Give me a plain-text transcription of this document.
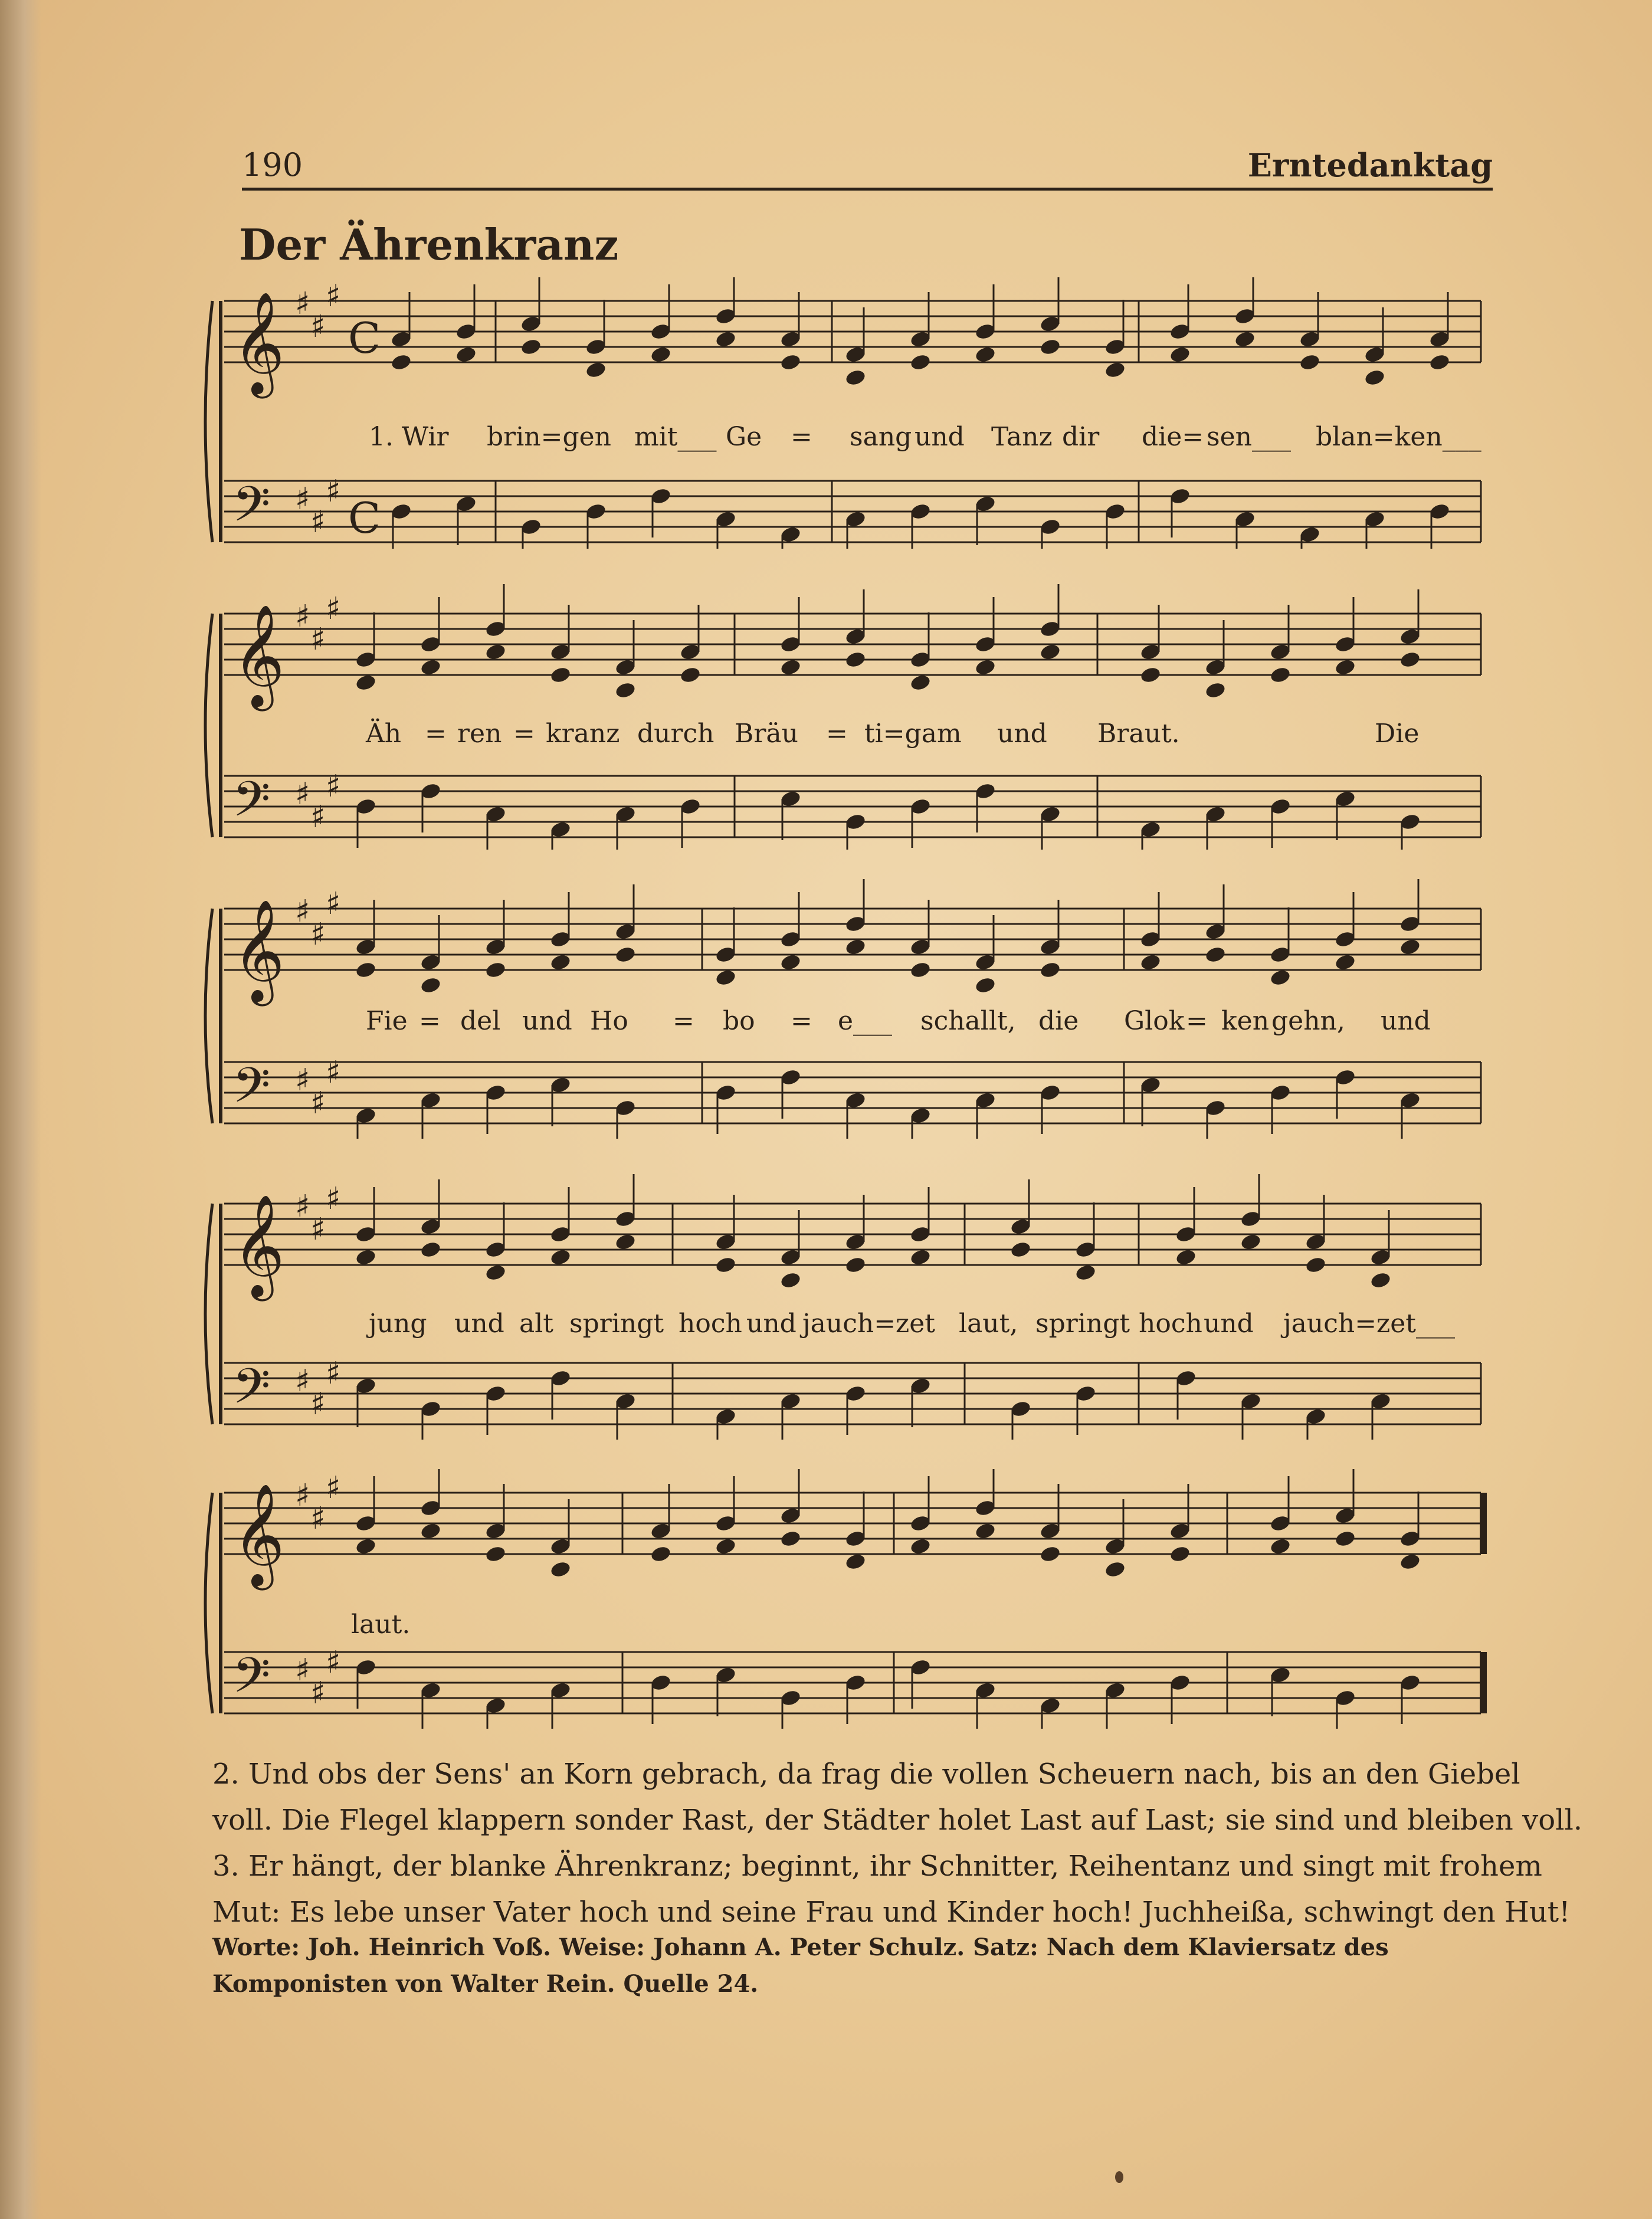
190	Erntedanktag
Der Ährenkranz
𝄞 ♯
♯
♯
C
𝄢 ♯
♯
♯
C
1. Wir brin=gen mit___ Ge = sang und Tanz dir die= sen___ blan=ken___
𝄞 ♯
♯
♯
𝄢 ♯
♯
♯
Äh = ren = kranz durch Bräu = ti=gam und Braut.	Die
𝄞 ♯
♯
♯
𝄢 ♯
♯
♯
Fie = del und Ho = bo = e___ schallt, die Glok = ken gehn, und
𝄞 ♯
♯
♯
𝄢 ♯
♯
♯
jung und alt springt hoch und jauch=zet laut, springt hoch und jauch=zet___
𝄞 ♯
♯
♯
𝄢 ♯
♯
♯
laut.
2. Und obs der Sens' an Korn gebrach, da frag die vollen Scheuern nach, bis an den Giebel
voll. Die Flegel klappern sonder Rast, der Städter holet Last auf Last; sie sind und bleiben voll.
3. Er hängt, der blanke Ährenkranz; beginnt, ihr Schnitter, Reihentanz und singt mit frohem
Mut: Es lebe unser Vater hoch und seine Frau und Kinder hoch! Juchheißa, schwingt den Hut!
Worte: Joh. Heinrich Voß. Weise: Johann A. Peter Schulz. Satz: Nach dem Klaviersatz des
Komponisten von Walter Rein. Quelle 24.
